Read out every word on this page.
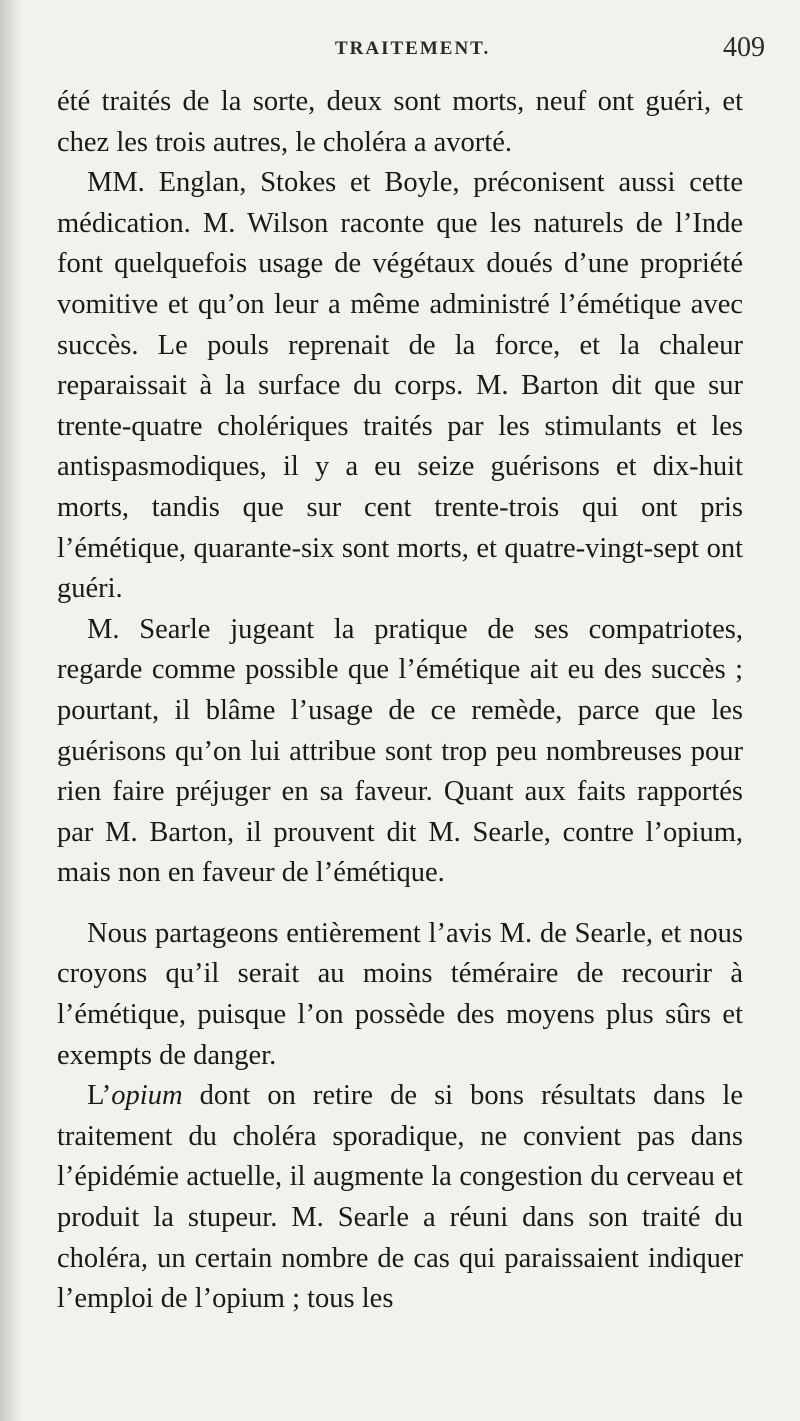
TRAITEMENT.	409

été traités de la sorte, deux sont morts, neuf ont guéri, et chez les trois autres, le choléra a avorté.

MM. Englan, Stokes et Boyle, préconisent aussi cette médication. M. Wilson raconte que les naturels de l’Inde font quelquefois usage de végétaux doués d’une propriété vomitive et qu’on leur a même administré l’émétique avec succès. Le pouls reprenait de la force, et la chaleur reparaissait à la surface du corps. M. Barton dit que sur trente-quatre cholériques traités par les stimulants et les antispasmodiques, il y a eu seize guérisons et dix-huit morts, tandis que sur cent trente-trois qui ont pris l’émétique, quarante-six sont morts, et quatre-vingt-sept ont guéri.

M. Searle jugeant la pratique de ses compatriotes, regarde comme possible que l’émétique ait eu des succès ; pourtant, il blâme l’usage de ce remède, parce que les guérisons qu’on lui attribue sont trop peu nombreuses pour rien faire préjuger en sa faveur. Quant aux faits rapportés par M. Barton, il prouvent dit M. Searle, contre l’opium, mais non en faveur de l’émétique.

Nous partageons entièrement l’avis M. de Searle, et nous croyons qu’il serait au moins téméraire de recourir à l’émétique, puisque l’on possède des moyens plus sûrs et exempts de danger.

L’opium dont on retire de si bons résultats dans le traitement du choléra sporadique, ne convient pas dans l’épidémie actuelle, il augmente la congestion du cerveau et produit la stupeur. M. Searle a réuni dans son traité du choléra, un certain nombre de cas qui paraissaient indiquer l’emploi de l’opium ; tous les
